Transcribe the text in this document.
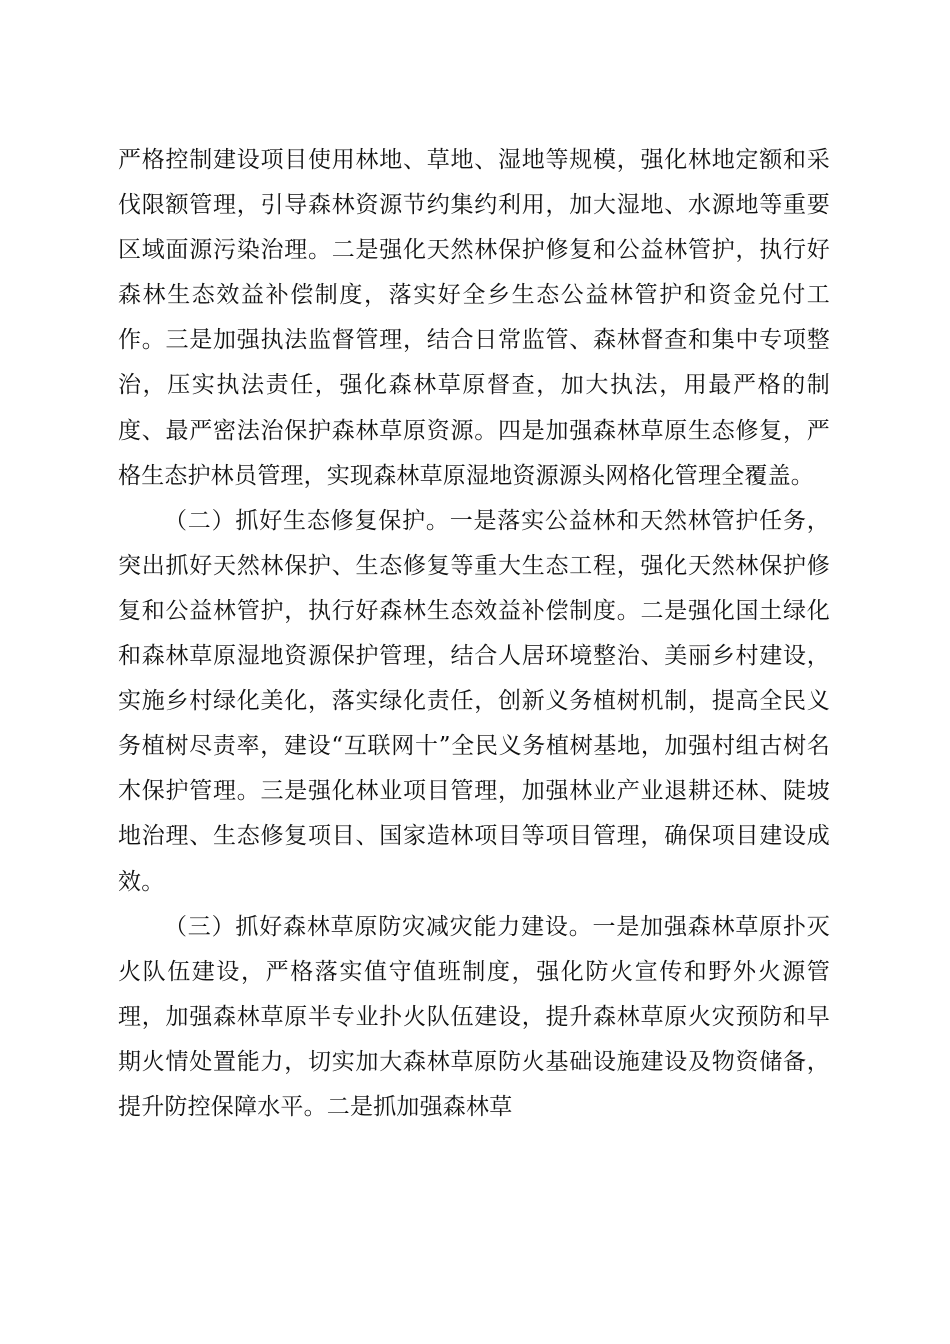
严格控制建设项目使用林地、草地、湿地等规模，强化林地定额和采伐限额管理，引导森林资源节约集约利用，加大湿地、水源地等重要区域面源污染治理。二是强化天然林保护修复和公益林管护，执行好森林生态效益补偿制度，落实好全乡生态公益林管护和资金兑付工作。三是加强执法监督管理，结合日常监管、森林督查和集中专项整治，压实执法责任，强化森林草原督查，加大执法，用最严格的制度、最严密法治保护森林草原资源。四是加强森林草原生态修复，严格生态护林员管理，实现森林草原湿地资源源头网格化管理全覆盖。

（二）抓好生态修复保护。一是落实公益林和天然林管护任务，突出抓好天然林保护、生态修复等重大生态工程，强化天然林保护修复和公益林管护，执行好森林生态效益补偿制度。二是强化国土绿化和森林草原湿地资源保护管理，结合人居环境整治、美丽乡村建设，实施乡村绿化美化，落实绿化责任，创新义务植树机制，提高全民义务植树尽责率，建设“互联网十”全民义务植树基地，加强村组古树名木保护管理。三是强化林业项目管理，加强林业产业退耕还林、陡坡地治理、生态修复项目、国家造林项目等项目管理，确保项目建设成效。

（三）抓好森林草原防灾减灾能力建设。一是加强森林草原扑灭火队伍建设，严格落实值守值班制度，强化防火宣传和野外火源管理，加强森林草原半专业扑火队伍建设，提升森林草原火灾预防和早期火情处置能力，切实加大森林草原防火基础设施建设及物资储备，提升防控保障水平。二是抓加强森林草
